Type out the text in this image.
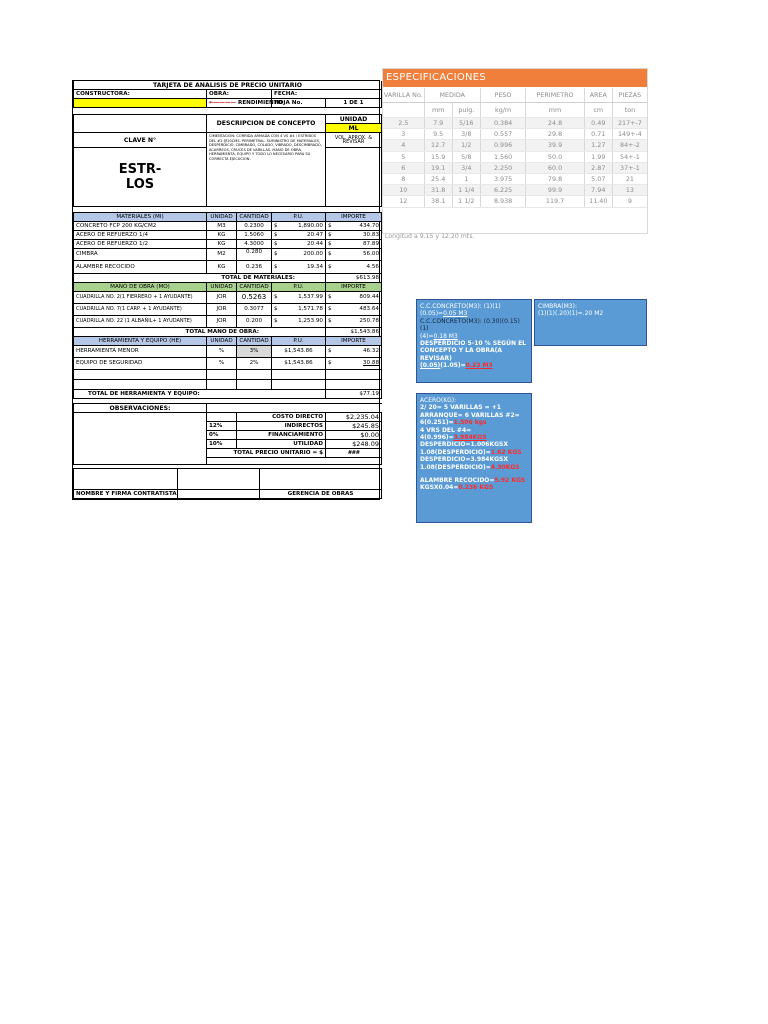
TARJETA DE ANALISIS DE PRECIO UNITARIO				
CONSTRUCTORA:	OBRA:		FECHA:	
	←———— RENDIMIENTO		HOJA No.	1 DE 1

	DESCRIPCION DE CONCEPTO			UNIDAD
				ML
CLAVE N°	CIMENTACION: CORRIDA ARMADA CON 4 VS #4 / ESTRIBOS DEL #2 @20CMS. PERIMETRAL. SUMINISTRO DE MATERIALES, DESPERDICIO. CIMBRADO, COLADO, VIBRADO, DESCIMBRADO, ACARREOS, CRUCES DE VARILLAS. MANO DE OBRA, HERRAMIENTA, EQUIPO Y TODO LO NECESARIO PARA SU CORRECTA EJECUCION.			VOL. APROX. & REVISAR
ESTR-
LOS				

MATERIALES (MI)	UNIDAD	CANTIDAD	P.U.	IMPORTE
CONCRETO FCP 200 KG/CM2	M3	0.2300	$ 1,890.00	$ 434.70
ACERO DE REFUERZO 1/4	KG	1.5060	$ 20.47	$ 30.83
ACERO DE REFUERZO 1/2	KG	4.3000	$ 20.44	$ 87.89
CIMBRA	M2	0.280	$ 200.00	$ 56.00
ALAMBRE RECOCIDO	KG	0.236	$ 19.34	$ 4.56
TOTAL DE MATERIALES:				$613.98
MANO DE OBRA (MO)	UNIDAD	CANTIDAD	P.U.	IMPORTE
CUADRILLA NO. 2(1 FIERRERO + 1 AYUDANTE)	JOR	0.5263	$ 1,537.99	$ 809.44
CUADRILLA NO. 7(1 CARP. + 1 AYUDANTE)	JOR	0.3077	$ 1,571.78	$ 483.64
CUADRILLA NO. 22 (1 ALBAÑIL+ 1 AYUDANTE)	JOR	0.200	$ 1,253.90	$ 250.78
TOTAL MANO DE OBRA:				$1,543.86
HERRAMIENTA Y EQUIPO (HE)	UNIDAD	CANTIDAD	P.U.	IMPORTE
HERRAMIENTA MENOR	%	3%	$1,543.86	$ 46.32
EQUIPO DE SEGURIDAD	%	2%	$1,543.86	$ 30.88

TOTAL DE HERRAMIENTA Y EQUIPO:				$77.19

OBSERVACIONES:				
		COSTO DIRECTO		$2,235.04
	12%	INDIRECTOS		$245.85
	0%	FINANCIAMIENTO		$0.00
	10%	UTILIDAD		$248.09
	TOTAL PRECIO UNITARIO = $			###

NOMBRE Y FIRMA CONTRATISTA		GERENCIA DE OBRAS
ESPECIFICACIONES
VARILLA No.	MEDIDA		PESO	PERIMETRO	AREA	PIEZAS
	mm	pulg.	kg/m	mm	cm	ton
2.5	7.9	5/16	0.384	24.8	0.49	217+-7
3	9.5	3/8	0.557	29.8	0.71	149+-4
4	12.7	1/2	0.996	39.9	1.27	84+-2
5	15.9	5/8	1.560	50.0	1.99	54+-1
6	19.1	3/4	2.250	60.0	2.87	37+-1
8	25.4	1	3.975	79.8	5.07	21
10	31.8	1 1/4	6.225	99.9	7.94	13
12	38.1	1 1/2	8.938	119.7	11.40	9
Longitud a 9.15 y 12.20 mts.
C.C.CONCRETO(M3): (1)(1)
(0.05)=0.05 M3
C.C.CONCRETO(M3): (0.30)(0.15)(1)
(4)=0.18 M3
DESPERDICIO 5-10 % SEGÚN EL
CONCEPTO Y LA OBRA(A REVISAR)
(0.05)(1.05)=0.23 M3
CIMBRA(M3):
(1)(1)(.20)(1)=.20 M2
ACERO(KG):
2/ 20= 5 VARILLAS = +1
ARRANQUE= 6 VARILLAS #2=
6(0.251)=1.506 kgs
4 VRS DEL #4= 4(0.996)=3.984KGS
DESPERDICIO=1.006KGSX
1.08(DESPERDICIO)=1.62 KGS
DESPERDICIO=3.984KGSX
1.08(DESPERDICIO)=4.30KGS
ALAMBRE RECOCIDO=5.92 KGS
KGSX0.04=0.236 KGS
